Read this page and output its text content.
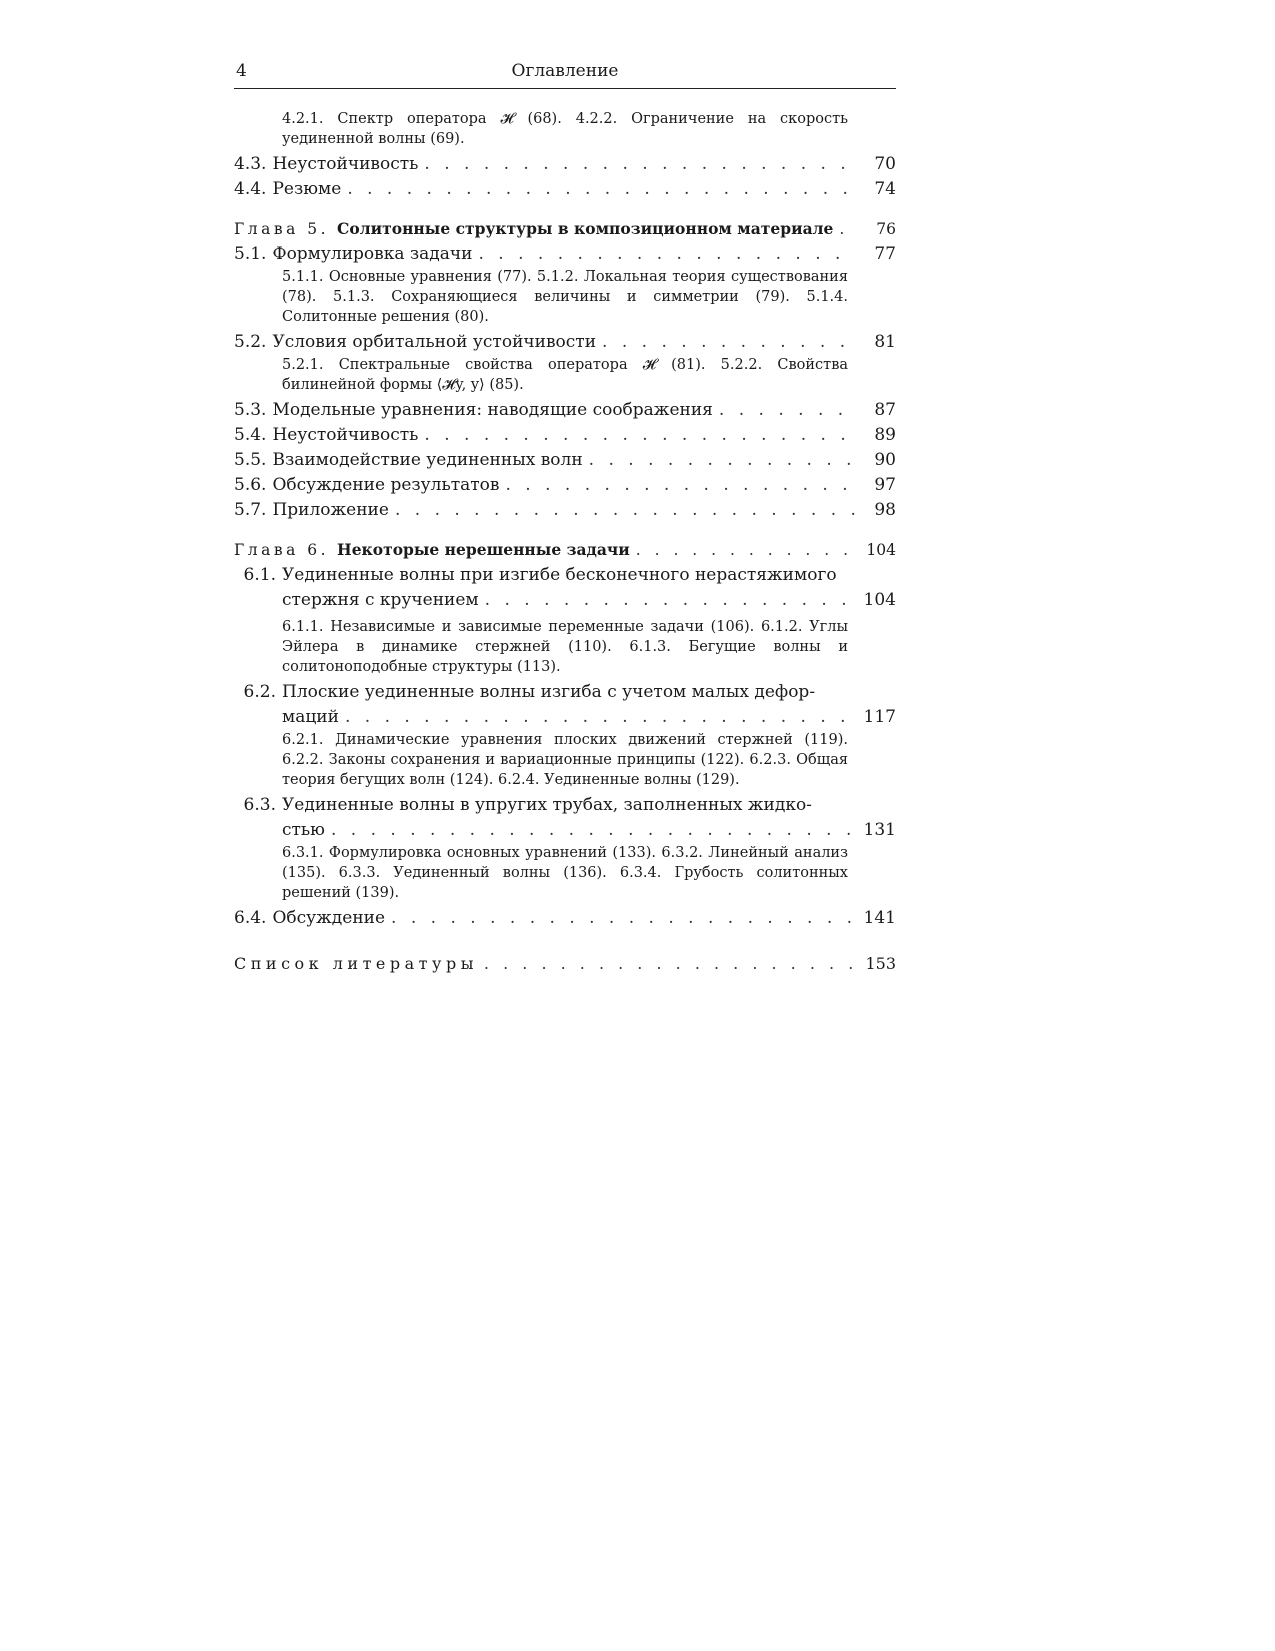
4	Оглавление

4.2.1. Спектр оператора 𝓗 (68). 4.2.2. Ограничение на скорость уединенной волны (69).

4.3. Неустойчивость . . .	70
4.4. Резюме . . .	74
Глава 5. Солитонные структуры в композиционном материале . . .	76
5.1. Формулировка задачи . . .	77

5.1.1. Основные уравнения (77). 5.1.2. Локальная теория существования (78). 5.1.3. Сохраняющиеся величины и симметрии (79). 5.1.4. Солитонные решения (80).

5.2. Условия орбитальной устойчивости . . .	81

5.2.1. Спектральные свойства оператора 𝓗 (81). 5.2.2. Свойства билинейной формы ⟨𝓗y, y⟩ (85).

5.3. Модельные уравнения: наводящие соображения . . .	87
5.4. Неустойчивость . . .	89
5.5. Взаимодействие уединенных волн . . .	90
5.6. Обсуждение результатов . . .	97
5.7. Приложение . . .	98
Глава 6. Некоторые нерешенные задачи . . .	104
6.1. Уединенные волны при изгибе бесконечного нерастяжимого
стержня с кручением . . .	104

6.1.1. Независимые и зависимые переменные задачи (106). 6.1.2. Углы Эйлера в динамике стержней (110). 6.1.3. Бегущие волны и солитоноподобные структуры (113).

6.2. Плоские уединенные волны изгиба с учетом малых дефор-
маций . . .	117

6.2.1. Динамические уравнения плоских движений стержней (119). 6.2.2. Законы сохранения и вариационные принципы (122). 6.2.3. Общая теория бегущих волн (124). 6.2.4. Уединенные волны (129).

6.3. Уединенные волны в упругих трубах, заполненных жидко-
стью . . .	131

6.3.1. Формулировка основных уравнений (133). 6.3.2. Линейный анализ (135). 6.3.3. Уединенный волны (136). 6.3.4. Грубость солитонных решений (139).

6.4. Обсуждение . . .	141
Список литературы . . .	153
